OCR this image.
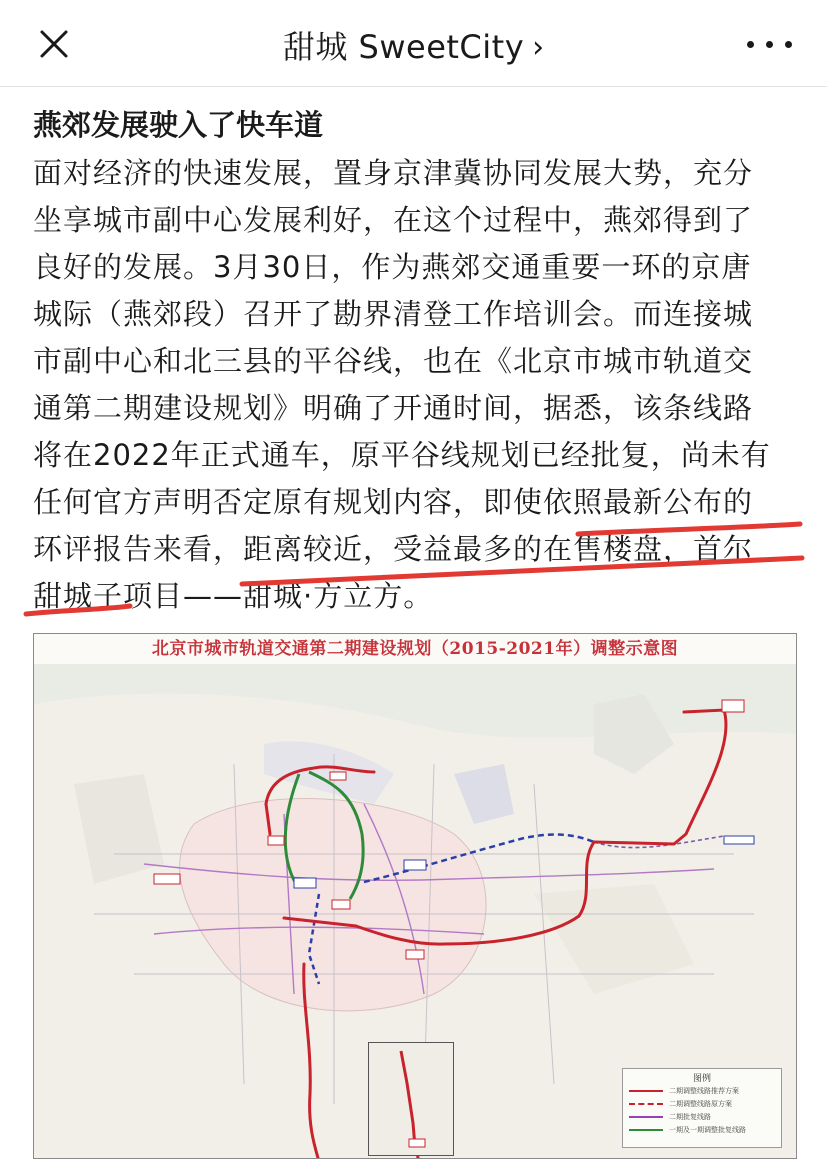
甜城 SweetCity ›
燕郊发展驶入了快车道
面对经济的快速发展，置身京津冀协同发展大势，充分
坐享城市副中心发展利好，在这个过程中，燕郊得到了
良好的发展。3月30日，作为燕郊交通重要一环的京唐
城际（燕郊段）召开了勘界清登工作培训会。而连接城
市副中心和北三县的平谷线，也在《北京市城市轨道交
通第二期建设规划》明确了开通时间，据悉，该条线路
将在2022年正式通车，原平谷线规划已经批复，尚未有
任何官方声明否定原有规划内容，即使依照最新公布的
环评报告来看，距离较近，受益最多的在售楼盘，首尔
甜城子项目——甜城·方立方。
北京市城市轨道交通第二期建设规划（2015-2021年）调整示意图
图例
二期调整线路推荐方案
二期调整线路原方案
二期批复线路
一期及一期调整批复线路
